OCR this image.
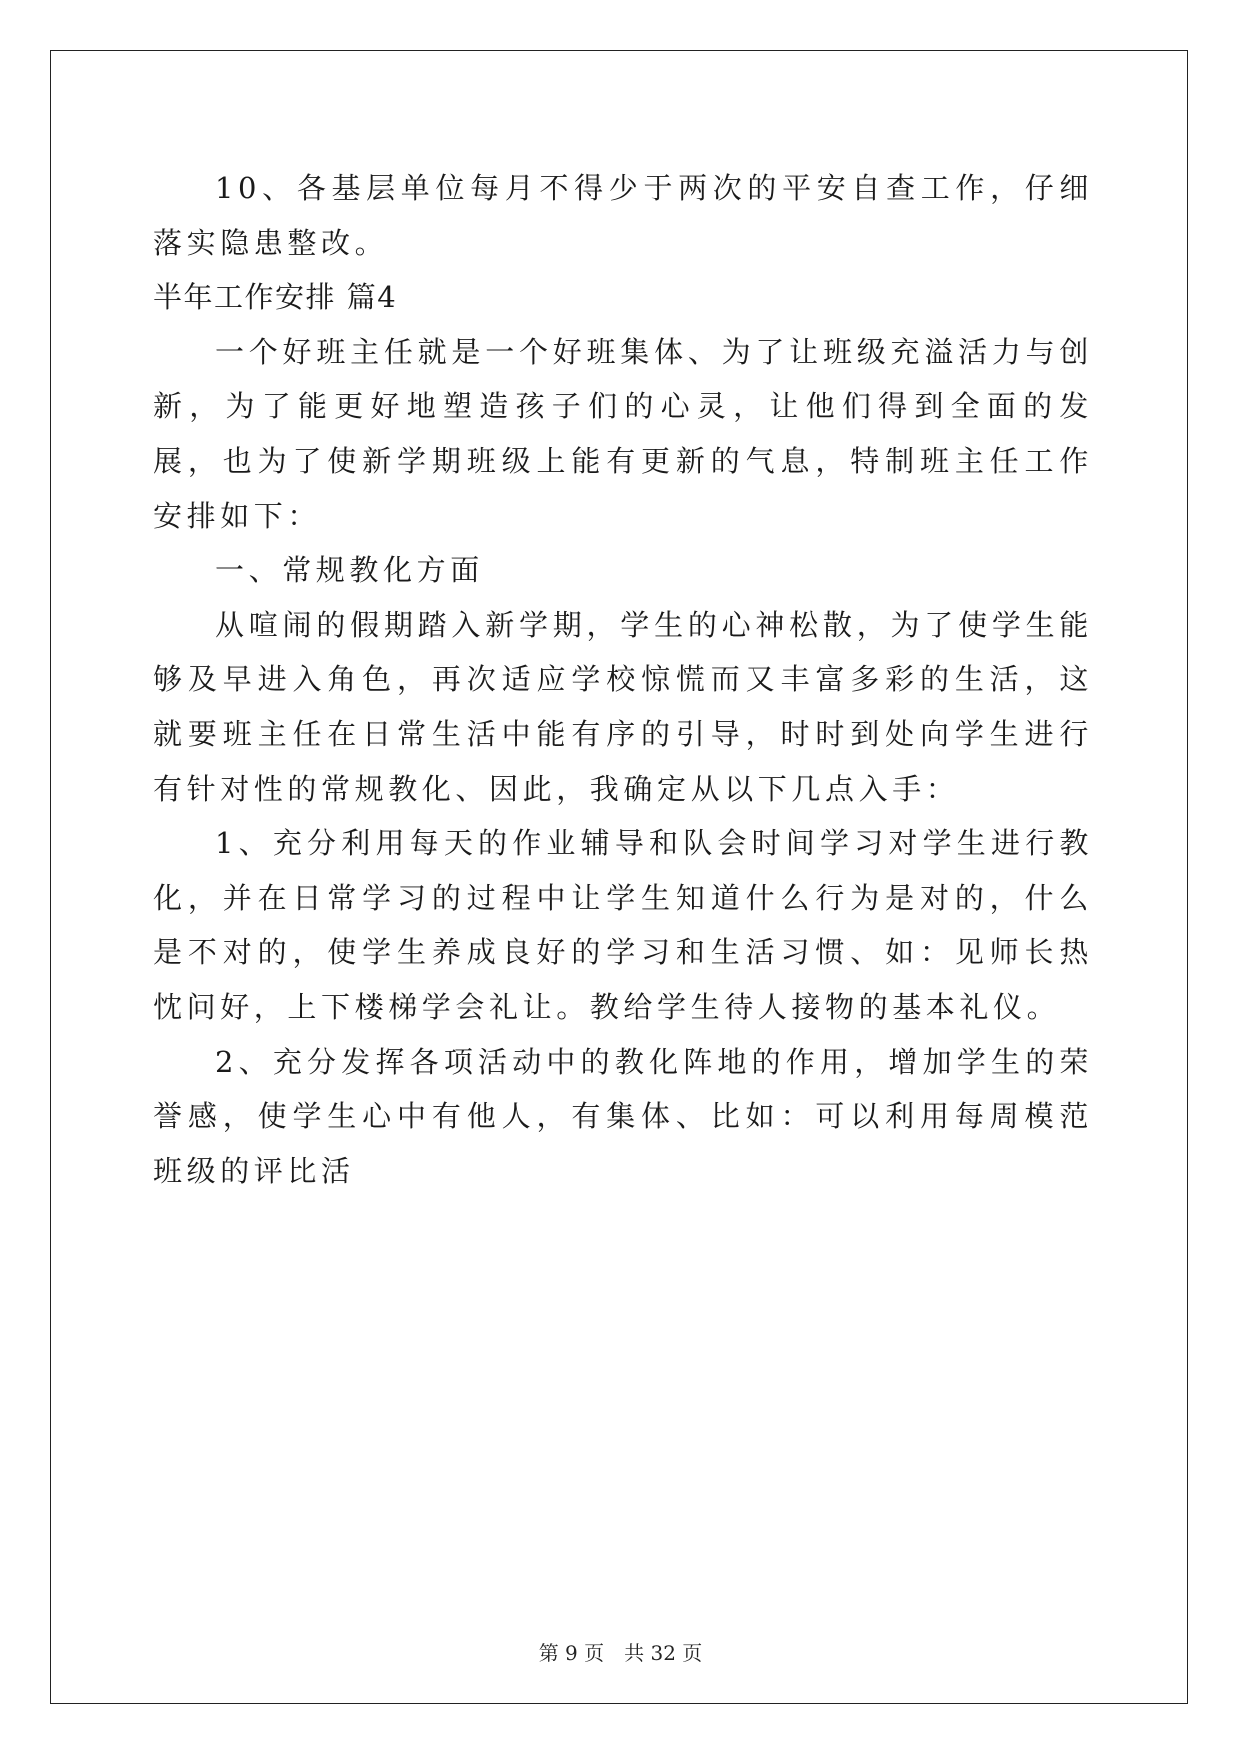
10、各基层单位每月不得少于两次的平安自查工作，仔细落实隐患整改。

半年工作安排 篇4

一个好班主任就是一个好班集体、为了让班级充溢活力与创新，为了能更好地塑造孩子们的心灵，让他们得到全面的发展，也为了使新学期班级上能有更新的气息，特制班主任工作安排如下：

一、常规教化方面

从喧闹的假期踏入新学期，学生的心神松散，为了使学生能够及早进入角色，再次适应学校惊慌而又丰富多彩的生活，这就要班主任在日常生活中能有序的引导，时时到处向学生进行有针对性的常规教化、因此，我确定从以下几点入手：

1、充分利用每天的作业辅导和队会时间学习对学生进行教化，并在日常学习的过程中让学生知道什么行为是对的，什么是不对的，使学生养成良好的学习和生活习惯、如：见师长热忱问好，上下楼梯学会礼让。教给学生待人接物的基本礼仪。

2、充分发挥各项活动中的教化阵地的作用，增加学生的荣誉感，使学生心中有他人，有集体、比如：可以利用每周模范班级的评比活

第 9 页　共 32 页
